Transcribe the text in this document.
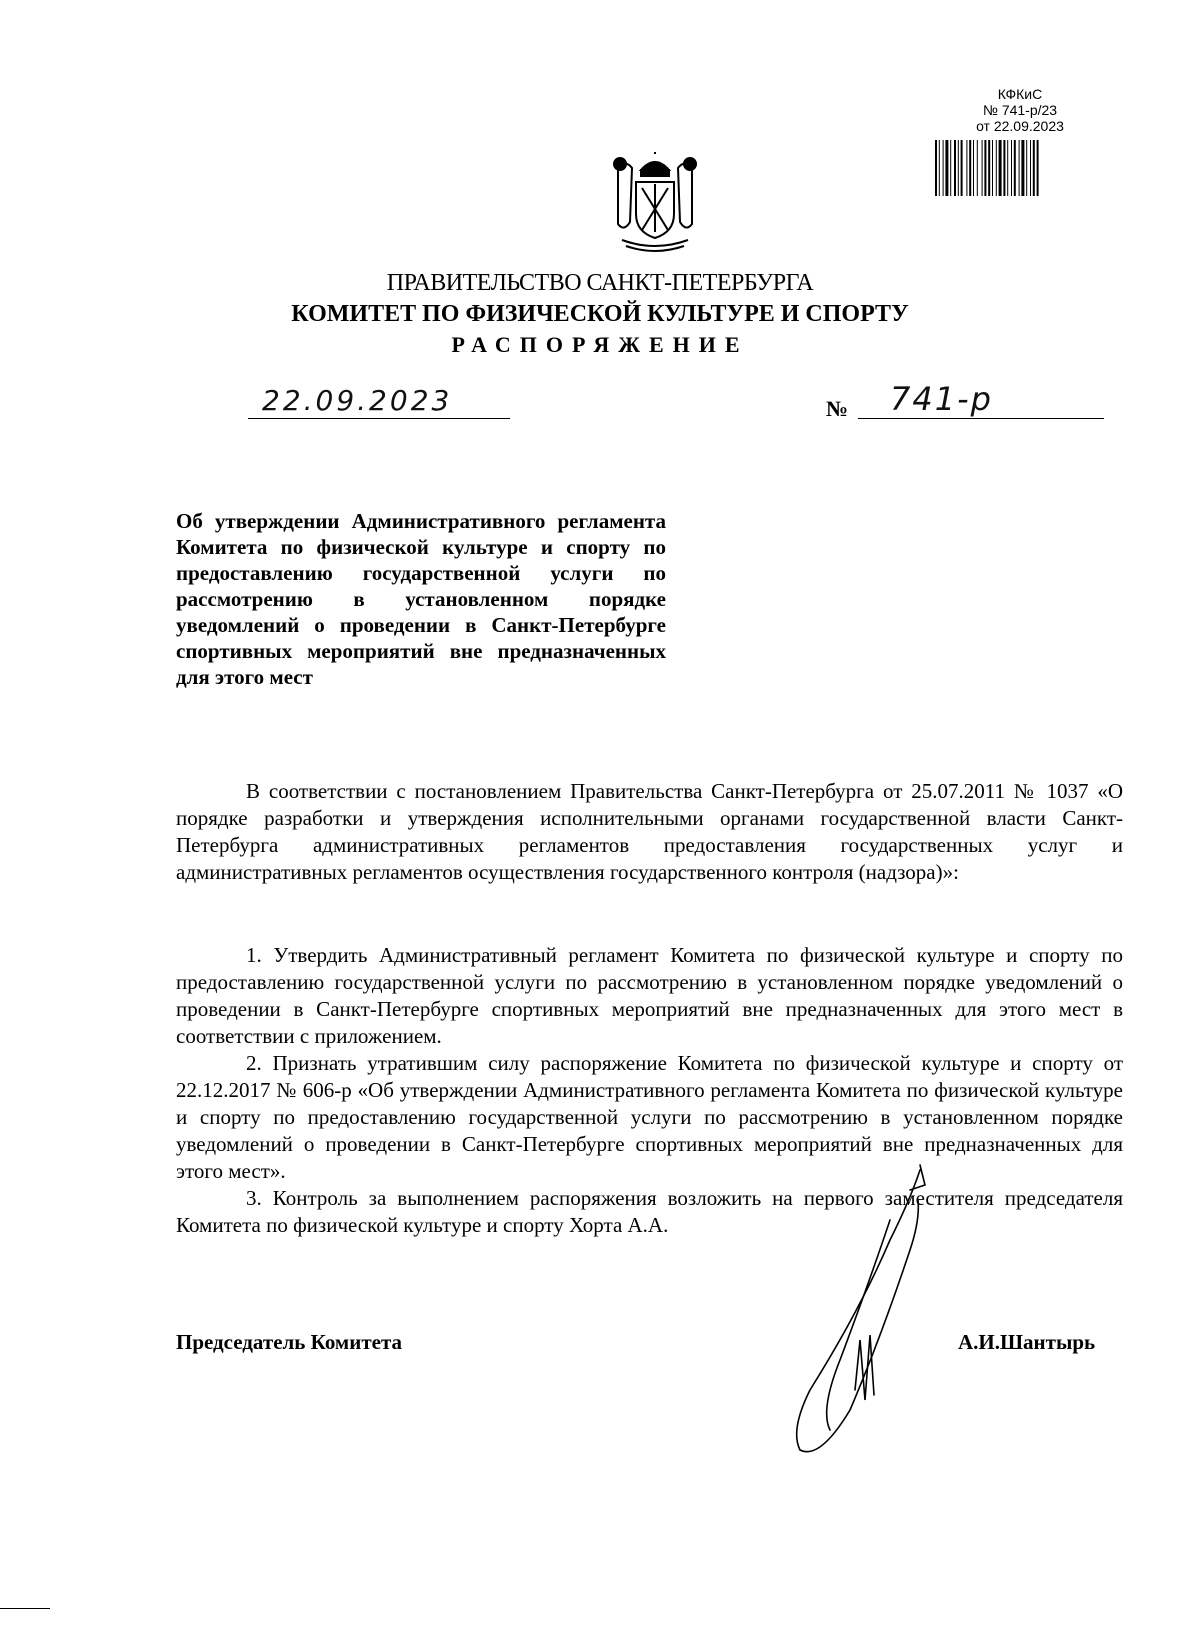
КФКиС
№ 741-р/23
от 22.09.2023
ПРАВИТЕЛЬСТВО САНКТ-ПЕТЕРБУРГА
КОМИТЕТ ПО ФИЗИЧЕСКОЙ КУЛЬТУРЕ И СПОРТУ
РАСПОРЯЖЕНИЕ
22.09.2023	№ 741-р
Об утверждении Административного регламента Комитета по физической культуре и спорту по предоставлению государственной услуги по рассмотрению в установленном порядке уведомлений о проведении в Санкт-Петербурге спортивных мероприятий вне предназначенных для этого мест

В соответствии с постановлением Правительства Санкт-Петербурга от 25.07.2011 № 1037 «О порядке разработки и утверждения исполнительными органами государственной власти Санкт-Петербурга административных регламентов предоставления государственных услуг и административных регламентов осуществления государственного контроля (надзора)»:

1. Утвердить Административный регламент Комитета по физической культуре и спорту по предоставлению государственной услуги по рассмотрению в установленном порядке уведомлений о проведении в Санкт-Петербурге спортивных мероприятий вне предназначенных для этого мест в соответствии с приложением.

2. Признать утратившим силу распоряжение Комитета по физической культуре и спорту от 22.12.2017 № 606-р «Об утверждении Административного регламента Комитета по физической культуре и спорту по предоставлению государственной услуги по рассмотрению в установленном порядке уведомлений о проведении в Санкт-Петербурге спортивных мероприятий вне предназначенных для этого мест».

3. Контроль за выполнением распоряжения возложить на первого заместителя председателя Комитета по физической культуре и спорту Хорта А.А.

Председатель Комитета	А.И.Шантырь
